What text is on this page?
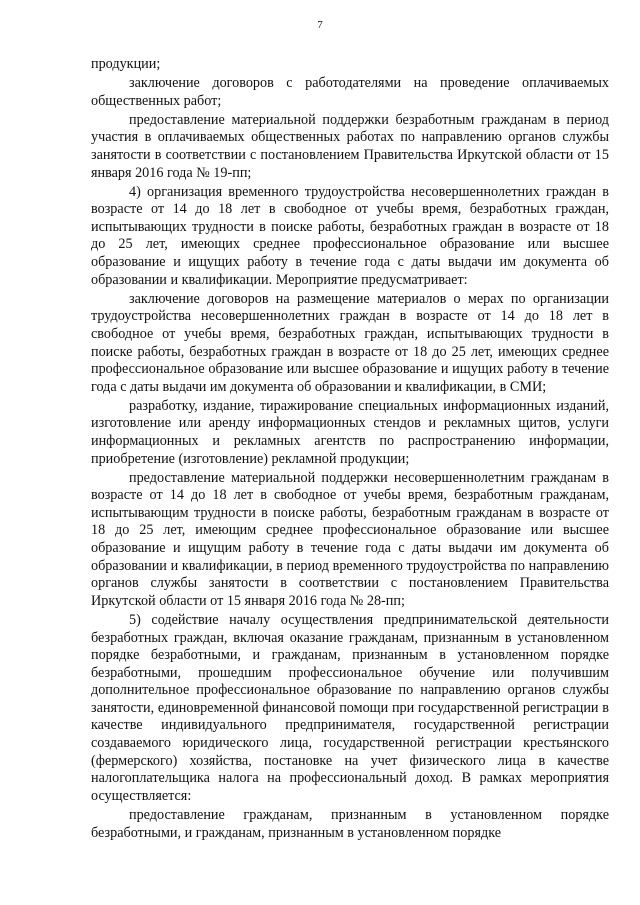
7

продукции;

заключение договоров с работодателями на проведение оплачиваемых общественных работ;

предоставление материальной поддержки безработным гражданам в период участия в оплачиваемых общественных работах по направлению органов службы занятости в соответствии с постановлением Правительства Иркутской области от 15 января 2016 года № 19-пп;

4) организация временного трудоустройства несовершеннолетних граждан в возрасте от 14 до 18 лет в свободное от учебы время, безработных граждан, испытывающих трудности в поиске работы, безработных граждан в возрасте от 18 до 25 лет, имеющих среднее профессиональное образование или высшее образование и ищущих работу в течение года с даты выдачи им документа об образовании и квалификации. Мероприятие предусматривает:

заключение договоров на размещение материалов о мерах по организации трудоустройства несовершеннолетних граждан в возрасте от 14 до 18 лет в свободное от учебы время, безработных граждан, испытывающих трудности в поиске работы, безработных граждан в возрасте от 18 до 25 лет, имеющих среднее профессиональное образование или высшее образование и ищущих работу в течение года с даты выдачи им документа об образовании и квалификации, в СМИ;

разработку, издание, тиражирование специальных информационных изданий, изготовление или аренду информационных стендов и рекламных щитов, услуги информационных и рекламных агентств по распространению информации, приобретение (изготовление) рекламной продукции;

предоставление материальной поддержки несовершеннолетним гражданам в возрасте от 14 до 18 лет в свободное от учебы время, безработным гражданам, испытывающим трудности в поиске работы, безработным гражданам в возрасте от 18 до 25 лет, имеющим среднее профессиональное образование или высшее образование и ищущим работу в течение года с даты выдачи им документа об образовании и квалификации, в период временного трудоустройства по направлению органов службы занятости в соответствии с постановлением Правительства Иркутской области от 15 января 2016 года № 28-пп;

5) содействие началу осуществления предпринимательской деятельности безработных граждан, включая оказание гражданам, признанным в установленном порядке безработными, и гражданам, признанным в установленном порядке безработными, прошедшим профессиональное обучение или получившим дополнительное профессиональное образование по направлению органов службы занятости, единовременной финансовой помощи при государственной регистрации в качестве индивидуального предпринимателя, государственной регистрации создаваемого юридического лица, государственной регистрации крестьянского (фермерского) хозяйства, постановке на учет физического лица в качестве налогоплательщика налога на профессиональный доход. В рамках мероприятия осуществляется:

предоставление гражданам, признанным в установленном порядке безработными, и гражданам, признанным в установленном порядке
